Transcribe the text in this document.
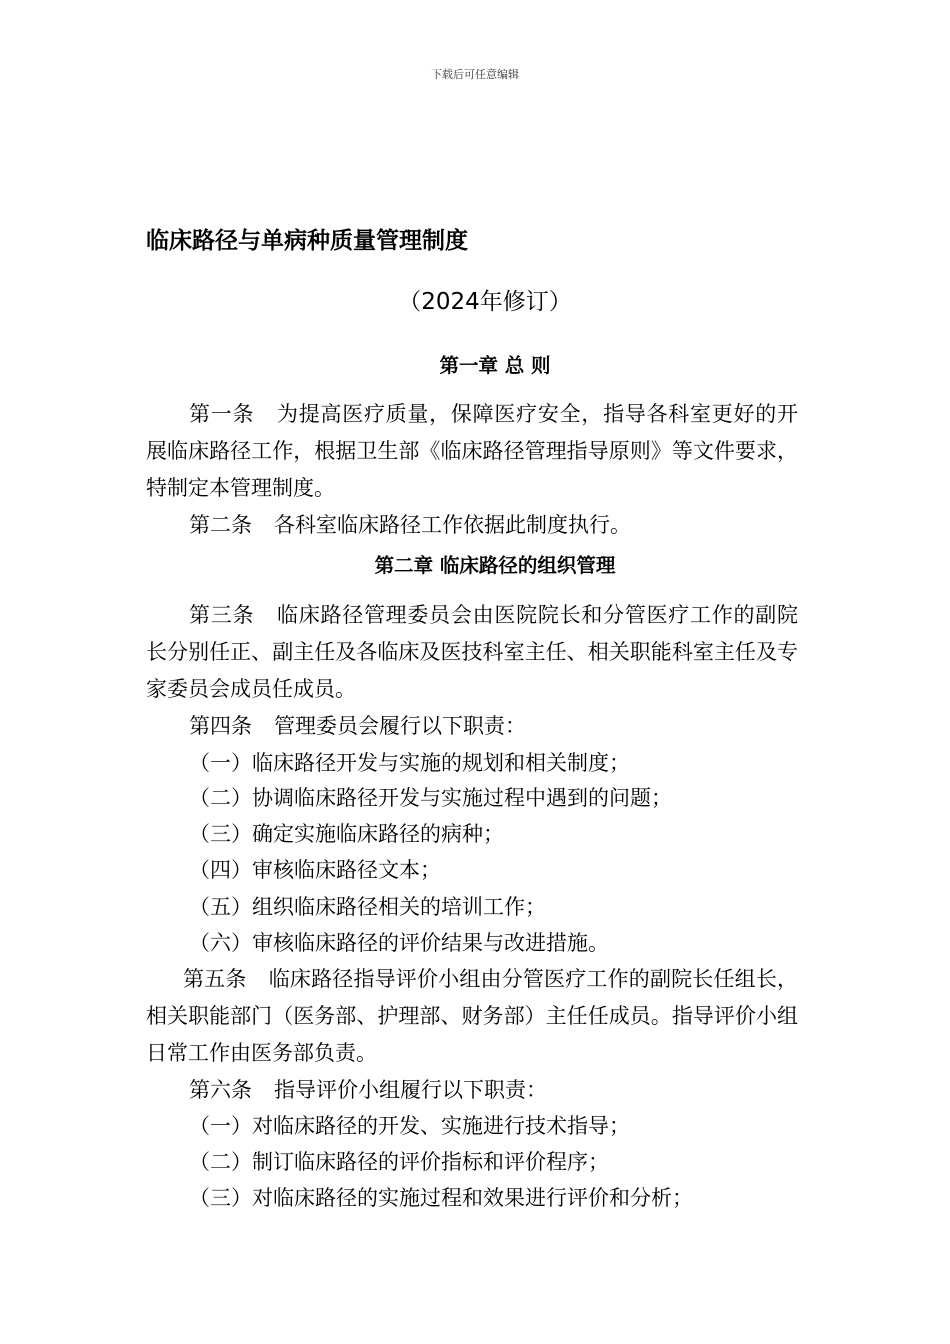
下载后可任意编辑
临床路径与单病种质量管理制度
（2024年修订）
第一章 总 则
第一条 为提高医疗质量，保障医疗安全，指导各科室更好的开展临床路径工作，根据卫生部《临床路径管理指导原则》等文件要求，特制定本管理制度。
第二条 各科室临床路径工作依据此制度执行。
第二章 临床路径的组织管理
第三条 临床路径管理委员会由医院院长和分管医疗工作的副院长分别任正、副主任及各临床及医技科室主任、相关职能科室主任及专家委员会成员任成员。
第四条 管理委员会履行以下职责：
（一）临床路径开发与实施的规划和相关制度；
（二）协调临床路径开发与实施过程中遇到的问题；
（三）确定实施临床路径的病种；
（四）审核临床路径文本；
（五）组织临床路径相关的培训工作；
（六）审核临床路径的评价结果与改进措施。
第五条 临床路径指导评价小组由分管医疗工作的副院长任组长，相关职能部门（医务部、护理部、财务部）主任任成员。指导评价小组日常工作由医务部负责。
第六条 指导评价小组履行以下职责：
（一）对临床路径的开发、实施进行技术指导；
（二）制订临床路径的评价指标和评价程序；
（三）对临床路径的实施过程和效果进行评价和分析；
